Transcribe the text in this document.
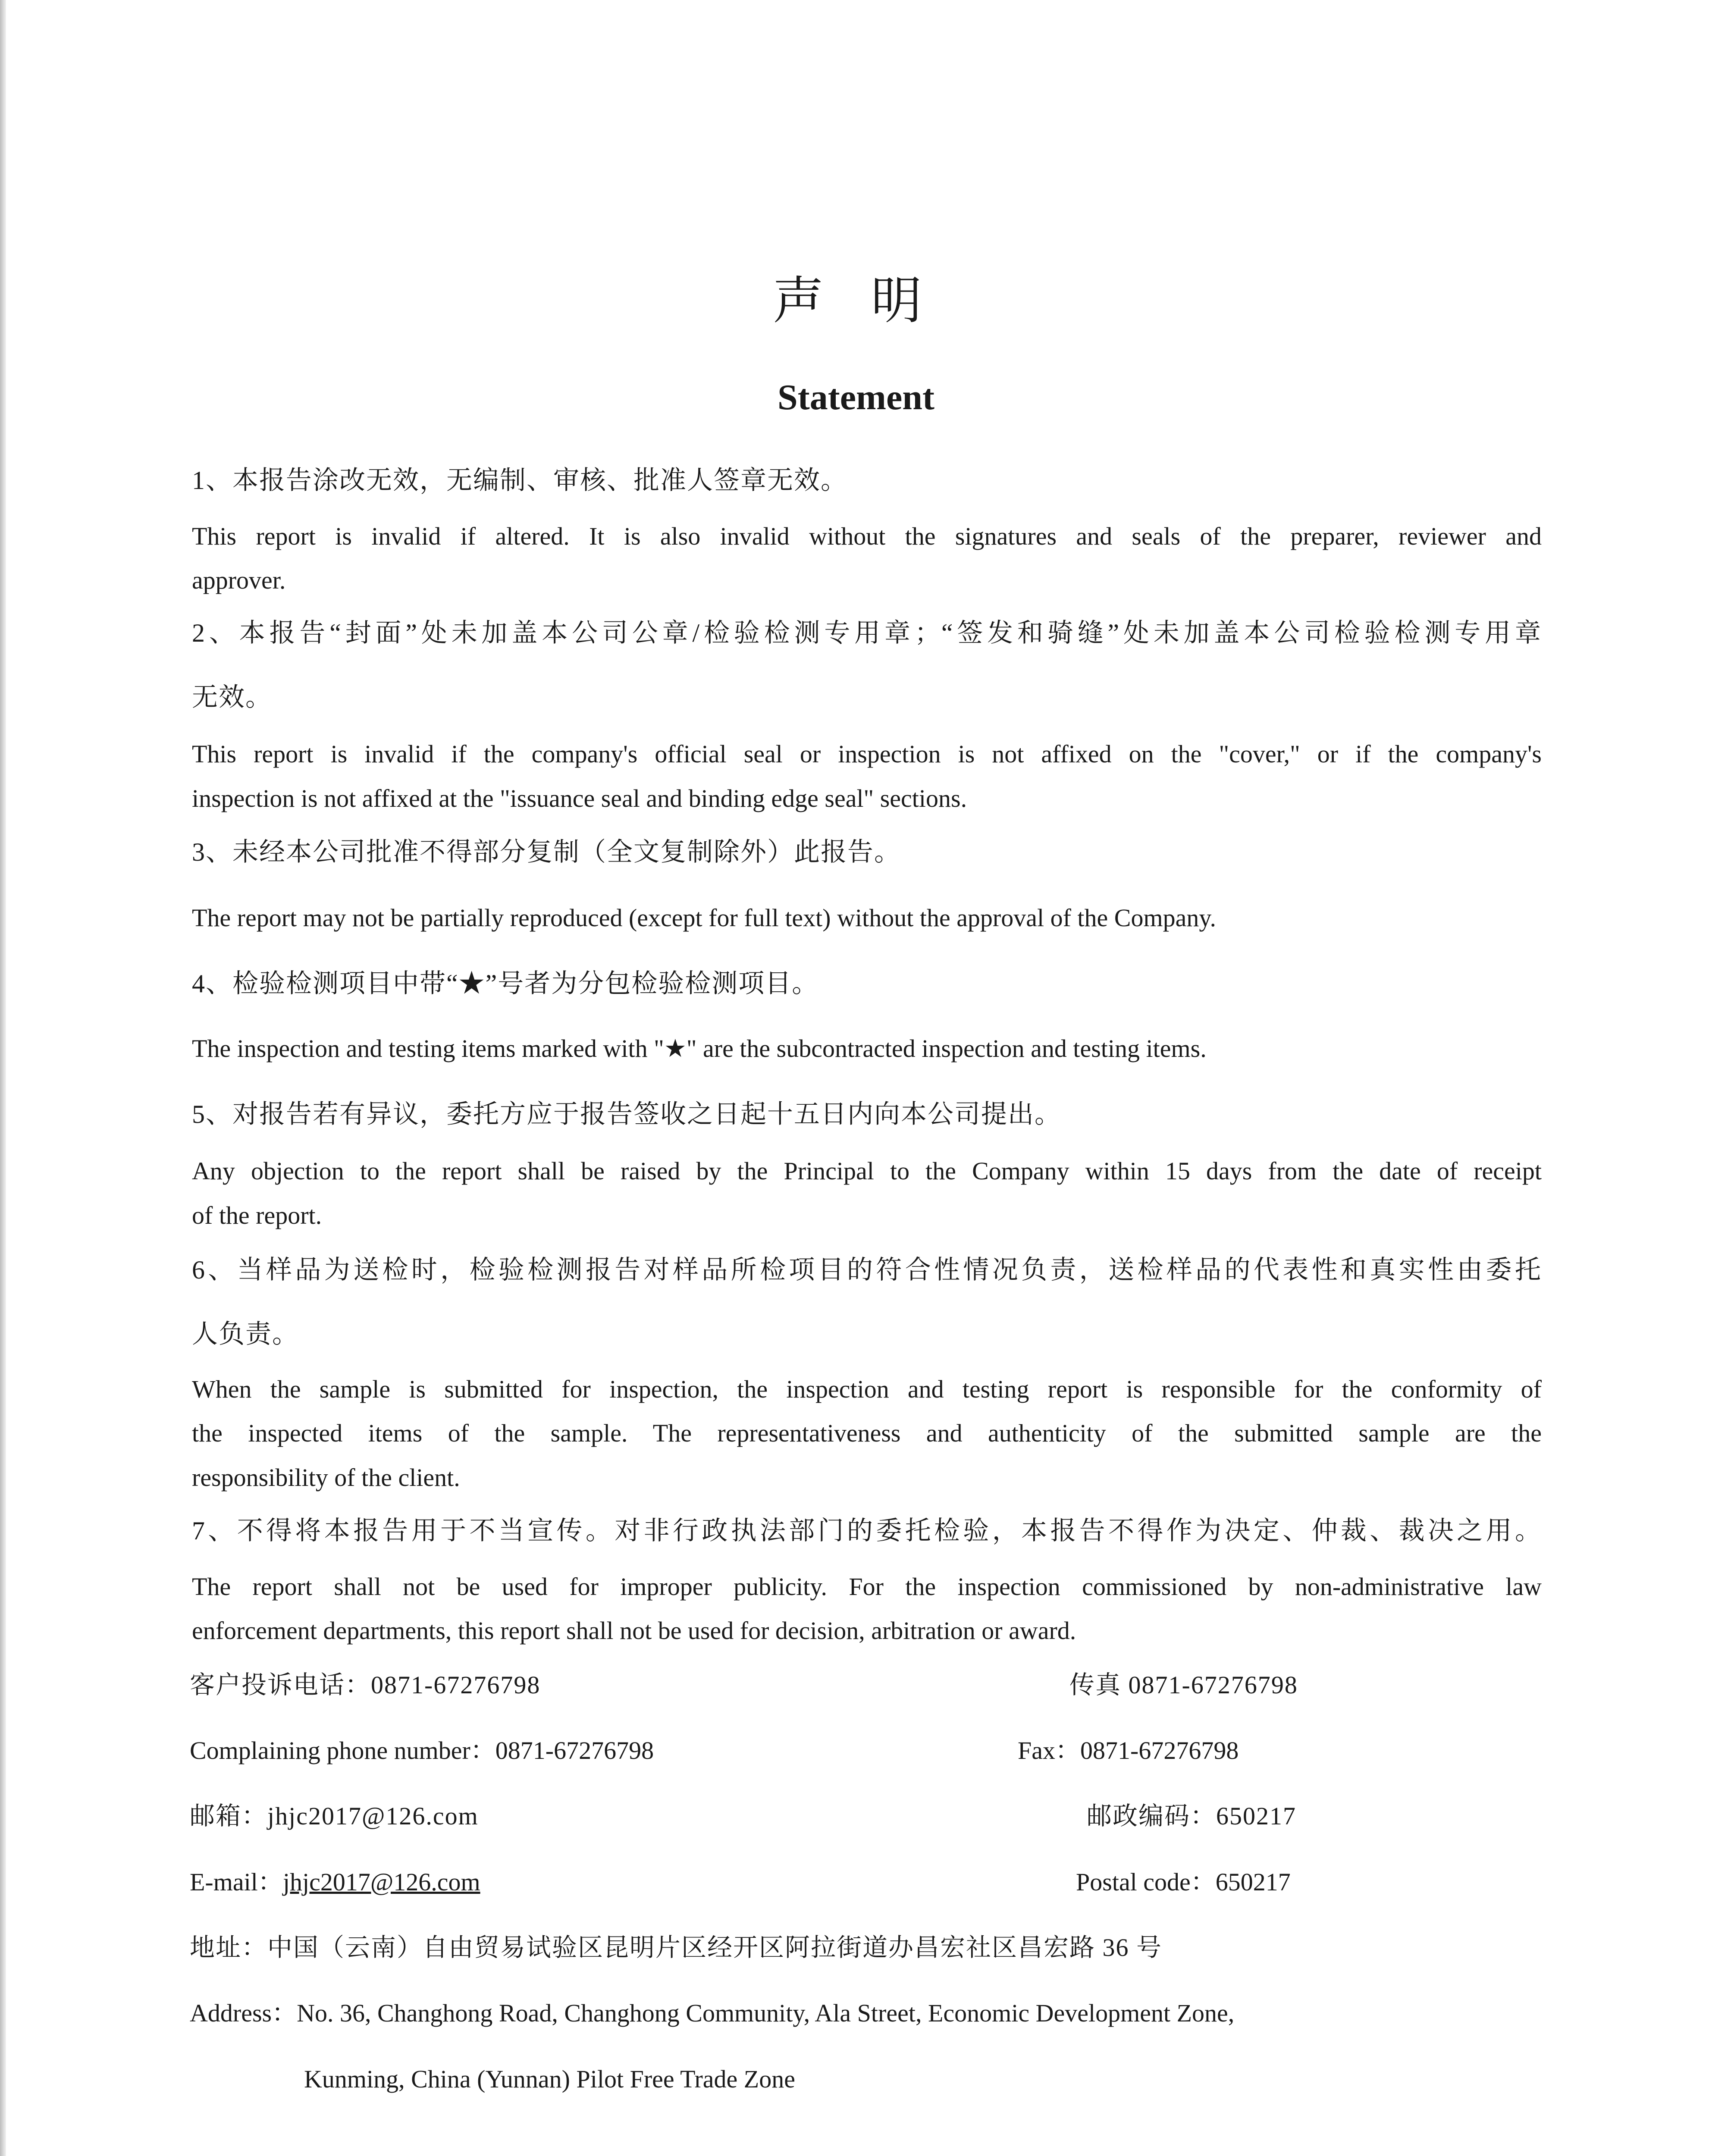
声 明
Statement

1、本报告涂改无效，无编制、审核、批准人签章无效。

This report is invalid if altered. It is also invalid without the signatures and seals of the preparer, reviewer and

approver.

2、本报告“封面”处未加盖本公司公章/检验检测专用章；“签发和骑缝”处未加盖本公司检验检测专用章

无效。

This report is invalid if the company's official seal or inspection is not affixed on the "cover," or if the company's

inspection is not affixed at the "issuance seal and binding edge seal" sections.

3、未经本公司批准不得部分复制（全文复制除外）此报告。

The report may not be partially reproduced (except for full text) without the approval of the Company.

4、检验检测项目中带“★”号者为分包检验检测项目。

The inspection and testing items marked with "★" are the subcontracted inspection and testing items.

5、对报告若有异议，委托方应于报告签收之日起十五日内向本公司提出。

Any objection to the report shall be raised by the Principal to the Company within 15 days from the date of receipt

of the report.

6、当样品为送检时，检验检测报告对样品所检项目的符合性情况负责，送检样品的代表性和真实性由委托

人负责。

When the sample is submitted for inspection, the inspection and testing report is responsible for the conformity of

the inspected items of the sample. The representativeness and authenticity of the submitted sample are the

responsibility of the client.

7、不得将本报告用于不当宣传。对非行政执法部门的委托检验，本报告不得作为决定、仲裁、裁决之用。

The report shall not be used for improper publicity. For the inspection commissioned by non-administrative law

enforcement departments, this report shall not be used for decision, arbitration or award.

客户投诉电话：0871-67276798	传真 0871-67276798

Complaining phone number：0871-67276798	Fax：0871-67276798

邮箱：jhjc2017@126.com	邮政编码：650217

E-mail：jhjc2017@126.com	Postal code：650217

地址：中国（云南）自由贸易试验区昆明片区经开区阿拉街道办昌宏社区昌宏路 36 号

Address：No. 36, Changhong Road, Changhong Community, Ala Street, Economic Development Zone,

Kunming, China (Yunnan) Pilot Free Trade Zone
